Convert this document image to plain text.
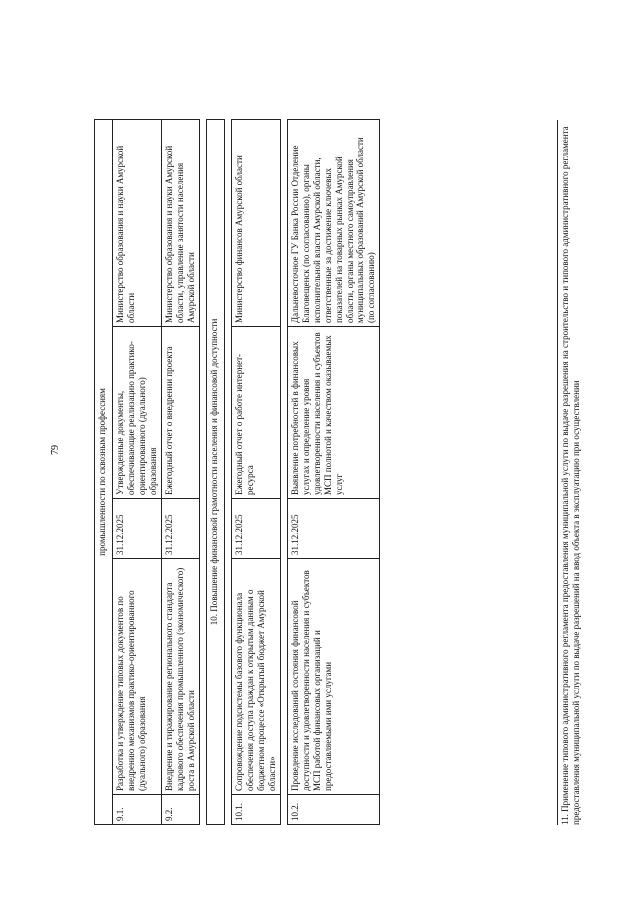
79	промышленности по сквозным профессиям				
9.1.	Разработка и утверждение типовых документов по внедрению механизмов практико-ориентированного (дуального) образования	31.12.2025	Утвержденные документы, обеспечивающие реализацию практико-ориентированного (дуального) образования	Министерство образования и науки Амурской области
9.2.	Внедрение и тиражирование регионального стандарта кадрового обеспечения промышленного (экономического) роста в Амурской области	31.12.2025	Ежегодный отчет о внедрении проекта	Министерство образования и науки Амурской области, управление занятости населения Амурской области

10. Повышение финансовой грамотности населения и финансовой доступности				

10.1.	Сопровождение подсистемы базового функционала обеспечения доступа граждан к открытым данным о бюджетном процессе «Открытый бюджет Амурской области»	31.12.2025	Ежегодный отчет о работе интернет-ресурса	Министерство финансов Амурской области

10.2.	Проведение исследований состояния финансовой доступности и удовлетворенности населения и субъектов МСП работой финансовых организаций и предоставляемыми ими услугами	31.12.2025	Выявление потребностей в финансовых услугах и определение уровня удовлетворенности населения и субъектов МСП полнотой и качеством оказываемых услуг	Дальневосточное ГУ Банка России Отделение Благовещенск (по согласованию), органы исполнительной власти Амурской области, ответственные за достижение ключевых показателей на товарных рынках Амурской области, органы местного самоуправления муниципальных образований Амурской области (по согласованию)	11. Применение типового административного регламента предоставления муниципальной услуги по выдаче разрешения на строительство и типового административного регламента предоставления муниципальной услуги по выдаче разрешений на ввод объекта в эксплуатацию при осуществлении
